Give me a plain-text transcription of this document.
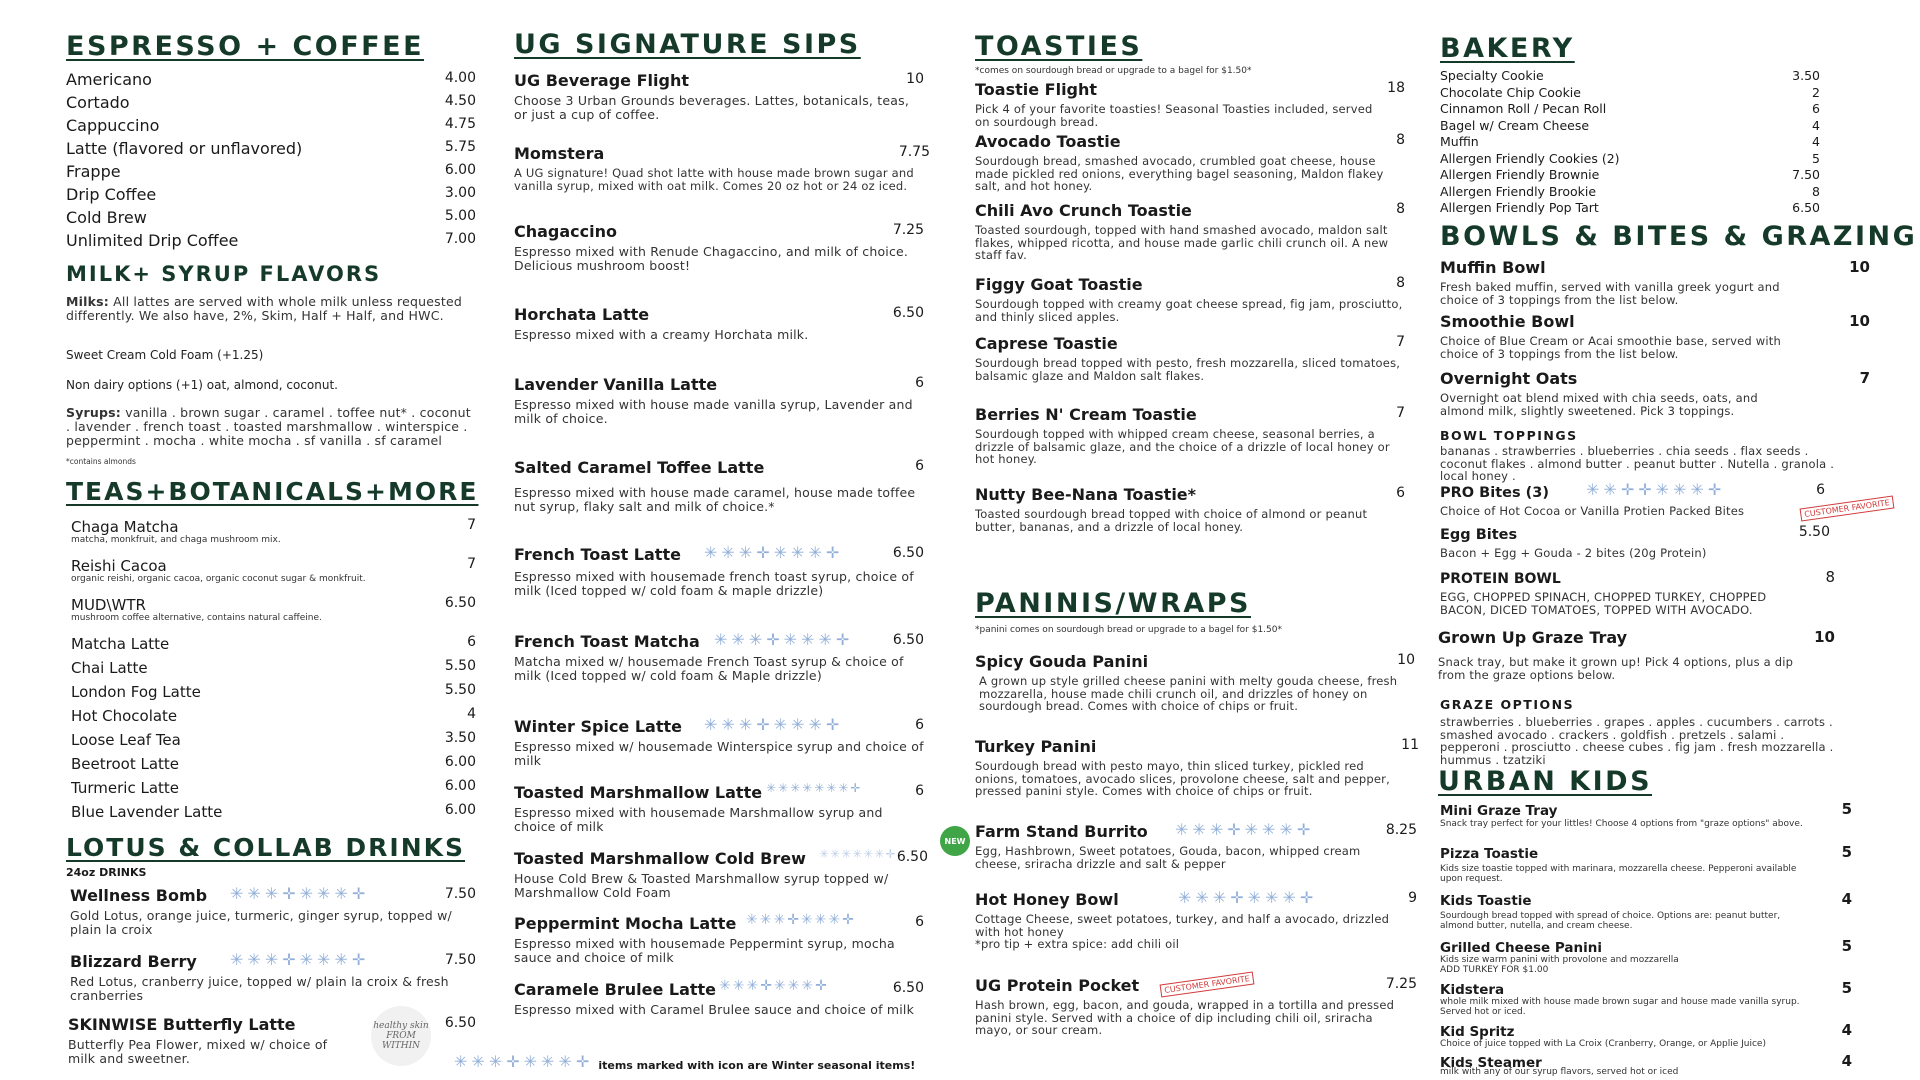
ESPRESSO + COFFEE
Americano	4.00
Cortado	4.50
Cappuccino	4.75
Latte (flavored or unflavored)	5.75
Frappe	6.00
Drip Coffee	3.00
Cold Brew	5.00
Unlimited Drip Coffee	7.00
MILK+ SYRUP FLAVORS
Milks: All lattes are served with whole milk unless requested differently. We also have, 2%, Skim, Half + Half, and HWC.
Sweet Cream Cold Foam (+1.25)
Non dairy options (+1) oat, almond, coconut.
Syrups: vanilla . brown sugar . caramel . toffee nut* . coconut . lavender . french toast . toasted marshmallow . winterspice . peppermint . mocha . white mocha . sf vanilla . sf caramel
*contains almonds
TEAS+BOTANICALS+MORE
Chaga Matcha	7
matcha, monkfruit, and chaga mushroom mix.
Reishi Cacoa	7
organic reishi, organic cacoa, organic coconut sugar & monkfruit.
MUD\WTR	6.50
mushroom coffee alternative, contains natural caffeine.
Matcha Latte	6
Chai Latte	5.50
London Fog Latte	5.50
Hot Chocolate	4
Loose Leaf Tea	3.50
Beetroot Latte	6.00
Turmeric Latte	6.00
Blue Lavender Latte	6.00
LOTUS & COLLAB DRINKS
24oz DRINKS
Wellness Bomb ✳✳✳✛✳✳✳✛	7.50
Gold Lotus, orange juice, turmeric, ginger syrup, topped w/ plain la croix
Blizzard Berry ✳✳✳✛✳✳✳✛	7.50
Red Lotus, cranberry juice, topped w/ plain la croix & fresh cranberries
SKINWISE Butterfly Latte	6.50
Butterfly Pea Flower, mixed w/ choice of milk and sweetner.
healthy skin FROM WITHIN
UG SIGNATURE SIPS
UG Beverage Flight	10
Choose 3 Urban Grounds beverages. Lattes, botanicals, teas, or just a cup of coffee.
Momstera	7.75
A UG signature! Quad shot latte with house made brown sugar and vanilla syrup, mixed with oat milk. Comes 20 oz hot or 24 oz iced.
Chagaccino	7.25
Espresso mixed with Renude Chagaccino, and milk of choice. Delicious mushroom boost!
Horchata Latte	6.50
Espresso mixed with a creamy Horchata milk.
Lavender Vanilla Latte	6
Espresso mixed with house made vanilla syrup, Lavender and milk of choice.
Salted Caramel Toffee Latte	6
Espresso mixed with house made caramel, house made toffee nut syrup, flaky salt and milk of choice.*
French Toast Latte ✳✳✳✛✳✳✳✛	6.50
Espresso mixed with housemade french toast syrup, choice of milk (Iced topped w/ cold foam & maple drizzle)
French Toast Matcha ✳✳✳✛✳✳✳✛	6.50
Matcha mixed w/ housemade French Toast syrup & choice of milk (Iced topped w/ cold foam & Maple drizzle)
Winter Spice Latte ✳✳✳✛✳✳✳✛	6
Espresso mixed w/ housemade Winterspice syrup and choice of milk
Toasted Marshmallow Latte ✳✳✳✳✳✳✳✛	6
Espresso mixed with housemade Marshmallow syrup and choice of milk
Toasted Marshmallow Cold Brew ✳✳✳✳✳✳✛ 6.50
House Cold Brew & Toasted Marshmallow syrup topped w/ Marshmallow Cold Foam
Peppermint Mocha Latte ✳✳✳✛✳✳✳✛	6
Espresso mixed with housemade Peppermint syrup, mocha sauce and choice of milk
Caramele Brulee Latte ✳✳✳✛✳✳✳✛	6.50
Espresso mixed with Caramel Brulee sauce and choice of milk
✳✳✳✛✳✳✳✛ items marked with icon are Winter seasonal items!
TOASTIES
*comes on sourdough bread or upgrade to a bagel for $1.50*
Toastie Flight	18
Pick 4 of your favorite toasties! Seasonal Toasties included, served on sourdough bread.
Avocado Toastie	8
Sourdough bread, smashed avocado, crumbled goat cheese, house made pickled red onions, everything bagel seasoning, Maldon flakey salt, and hot honey.
Chili Avo Crunch Toastie	8
Toasted sourdough, topped with hand smashed avocado, maldon salt flakes, whipped ricotta, and house made garlic chili crunch oil. A new staff fav.
Figgy Goat Toastie	8
Sourdough topped with creamy goat cheese spread, fig jam, prosciutto, and thinly sliced apples.
Caprese Toastie	7
Sourdough bread topped with pesto, fresh mozzarella, sliced tomatoes, balsamic glaze and Maldon salt flakes.
Berries N' Cream Toastie	7
Sourdough topped with whipped cream cheese, seasonal berries, a drizzle of balsamic glaze, and the choice of a drizzle of local honey or hot honey.
Nutty Bee-Nana Toastie*	6
Toasted sourdough bread topped with choice of almond or peanut butter, bananas, and a drizzle of local honey.
PANINIS/WRAPS
*panini comes on sourdough bread or upgrade to a bagel for $1.50*
Spicy Gouda Panini	10
A grown up style grilled cheese panini with melty gouda cheese, fresh mozzarella, house made chili crunch oil, and drizzles of honey on sourdough bread. Comes with choice of chips or fruit.
Turkey Panini	11
Sourdough bread with pesto mayo, thin sliced turkey, pickled red onions, tomatoes, avocado slices, provolone cheese, salt and pepper, pressed panini style. Comes with choice of chips or fruit.
NEW Farm Stand Burrito ✳✳✳✛✳✳✳✛	8.25
Egg, Hashbrown, Sweet potatoes, Gouda, bacon, whipped cream cheese, sriracha drizzle and salt & pepper
Hot Honey Bowl	✳✳✳✛✳✳✳✛	9
Cottage Cheese, sweet potatoes, turkey, and half a avocado, drizzled with hot honey
*pro tip + extra spice: add chili oil
UG Protein Pocket	CUSTOMER FAVORITE	7.25
Hash brown, egg, bacon, and gouda, wrapped in a tortilla and pressed panini style. Served with a choice of dip including chili oil, sriracha mayo, or sour cream.
BAKERY
Specialty Cookie	3.50
Chocolate Chip Cookie	2
Cinnamon Roll / Pecan Roll	6
Bagel w/ Cream Cheese	4
Muffin	4
Allergen Friendly Cookies (2)	5
Allergen Friendly Brownie	7.50
Allergen Friendly Brookie	8
Allergen Friendly Pop Tart	6.50
BOWLS & BITES & GRAZING
Muffin Bowl	10
Fresh baked muffin, served with vanilla greek yogurt and choice of 3 toppings from the list below.
Smoothie Bowl	10
Choice of Blue Cream or Acai smoothie base, served with choice of 3 toppings from the list below.
Overnight Oats	7
Overnight oat blend mixed with chia seeds, oats, and almond milk, slightly sweetened. Pick 3 toppings.
BOWL TOPPINGS
bananas . strawberries . blueberries . chia seeds . flax seeds . coconut flakes . almond butter . peanut butter . Nutella . granola . local honey .
PRO Bites (3) ✳✳✛✛✳✳✳✛	6
Choice of Hot Cocoa or Vanilla Protien Packed Bites	CUSTOMER FAVORITE
Egg Bites	5.50
Bacon + Egg + Gouda - 2 bites (20g Protein)
PROTEIN BOWL	8
EGG, CHOPPED SPINACH, CHOPPED TURKEY, CHOPPED BACON, DICED TOMATOES, TOPPED WITH AVOCADO.
Grown Up Graze Tray	10
Snack tray, but make it grown up! Pick 4 options, plus a dip from the graze options below.
GRAZE OPTIONS
strawberries . blueberries . grapes . apples . cucumbers . carrots . smashed avocado . crackers . goldfish . pretzels . salami . pepperoni . prosciutto . cheese cubes . fig jam . fresh mozzarella . hummus . tzatziki
URBAN KIDS
Mini Graze Tray	5
Snack tray perfect for your littles! Choose 4 options from "graze options" above.
Pizza Toastie	5
Kids size toastie topped with marinara, mozzarella cheese. Pepperoni available upon request.
Kids Toastie	4
Sourdough bread topped with spread of choice. Options are: peanut butter, almond butter, nutella, and cream cheese.
Grilled Cheese Panini	5
Kids size warm panini with provolone and mozzarella
ADD TURKEY FOR $1.00
Kidstera	5
whole milk mixed with house made brown sugar and house made vanilla syrup. Served hot or iced.
Kid Spritz	4
Choice of juice topped with La Croix (Cranberry, Orange, or Applie Juice)
Kids Steamer	4
milk with any of our syrup flavors, served hot or iced
